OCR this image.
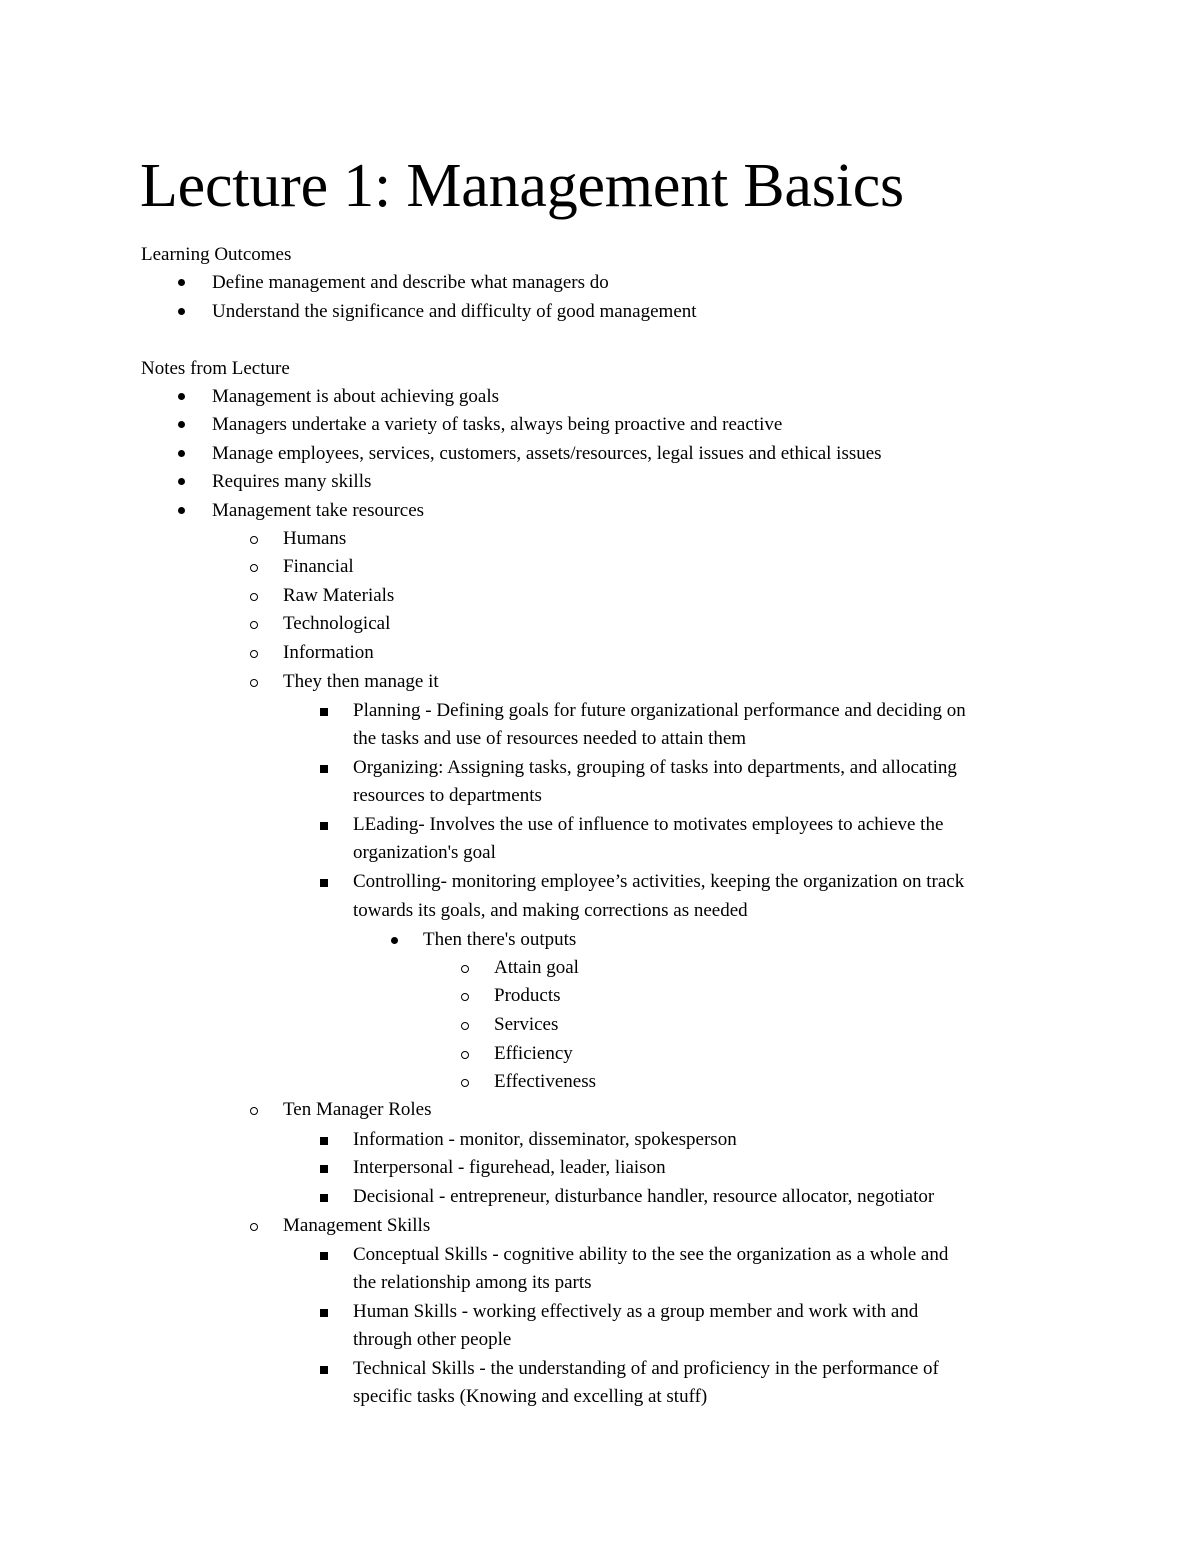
Lecture 1: Management Basics
Learning Outcomes
Define management and describe what managers do
Understand the significance and difficulty of good management
Notes from Lecture
Management is about achieving goals
Managers undertake a variety of tasks, always being proactive and reactive
Manage employees, services, customers, assets/resources, legal issues and ethical issues
Requires many skills
Management take resources
Humans
Financial
Raw Materials
Technological
Information
They then manage it
Planning - Defining goals for future organizational performance and deciding on
the tasks and use of resources needed to attain them
Organizing: Assigning tasks, grouping of tasks into departments, and allocating
resources to departments
LEading- Involves the use of influence to motivates employees to achieve the
organization's goal
Controlling- monitoring employee’s activities, keeping the organization on track
towards its goals, and making corrections as needed
Then there's outputs
Attain goal
Products
Services
Efficiency
Effectiveness
Ten Manager Roles
Information - monitor, disseminator, spokesperson
Interpersonal - figurehead, leader, liaison
Decisional - entrepreneur, disturbance handler, resource allocator, negotiator
Management Skills
Conceptual Skills - cognitive ability to the see the organization as a whole and
the relationship among its parts
Human Skills - working effectively as a group member and work with and
through other people
Technical Skills - the understanding of and proficiency in the performance of
specific tasks (Knowing and excelling at stuff)
